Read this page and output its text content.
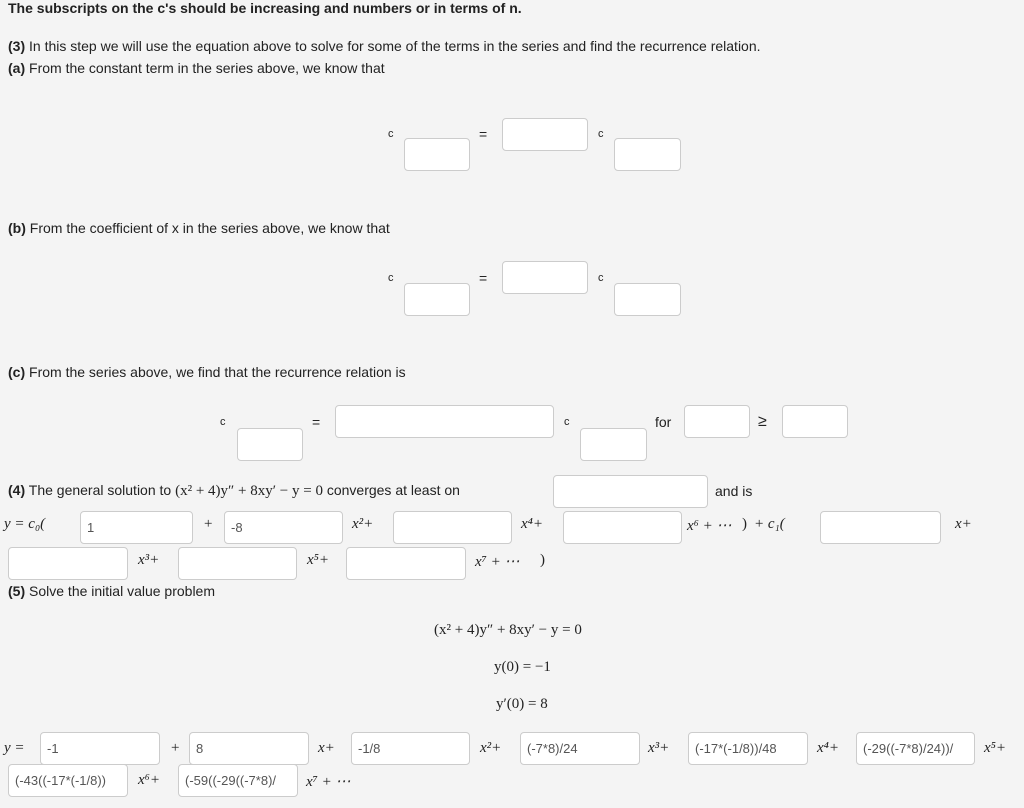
The subscripts on the c's should be increasing and numbers or in terms of n.
(3) In this step we will use the equation above to solve for some of the terms in the series and find the recurrence relation.
(a) From the constant term in the series above, we know that
c	=	c
(b) From the coefficient of x in the series above, we know that
c	=	c
(c) From the series above, we find that the recurrence relation is
c	=	c	for	≥
(4) The general solution to (x² + 4)y″ + 8xy′ − y = 0 converges at least on	and is
y = c₀(
1	+
-8	x²+	x⁴+	x⁶ + ⋯ ) + c₁(	x+
x³+	x⁵+	x⁷ + ⋯ )
(5) Solve the initial value problem
(x² + 4)y″ + 8xy′ − y = 0
y(0) = −1
y′(0) = 8
y =
-1	+
8	x+
-1/8	x²+
(-7*8)/24	x³+
(-17*(-1/8))/48	x⁴+
(-29((-7*8)/24))/	x⁵+
(-43((-17*(-1/8))
x⁶+
(-59((-29((-7*8)/	x⁷ + ⋯
